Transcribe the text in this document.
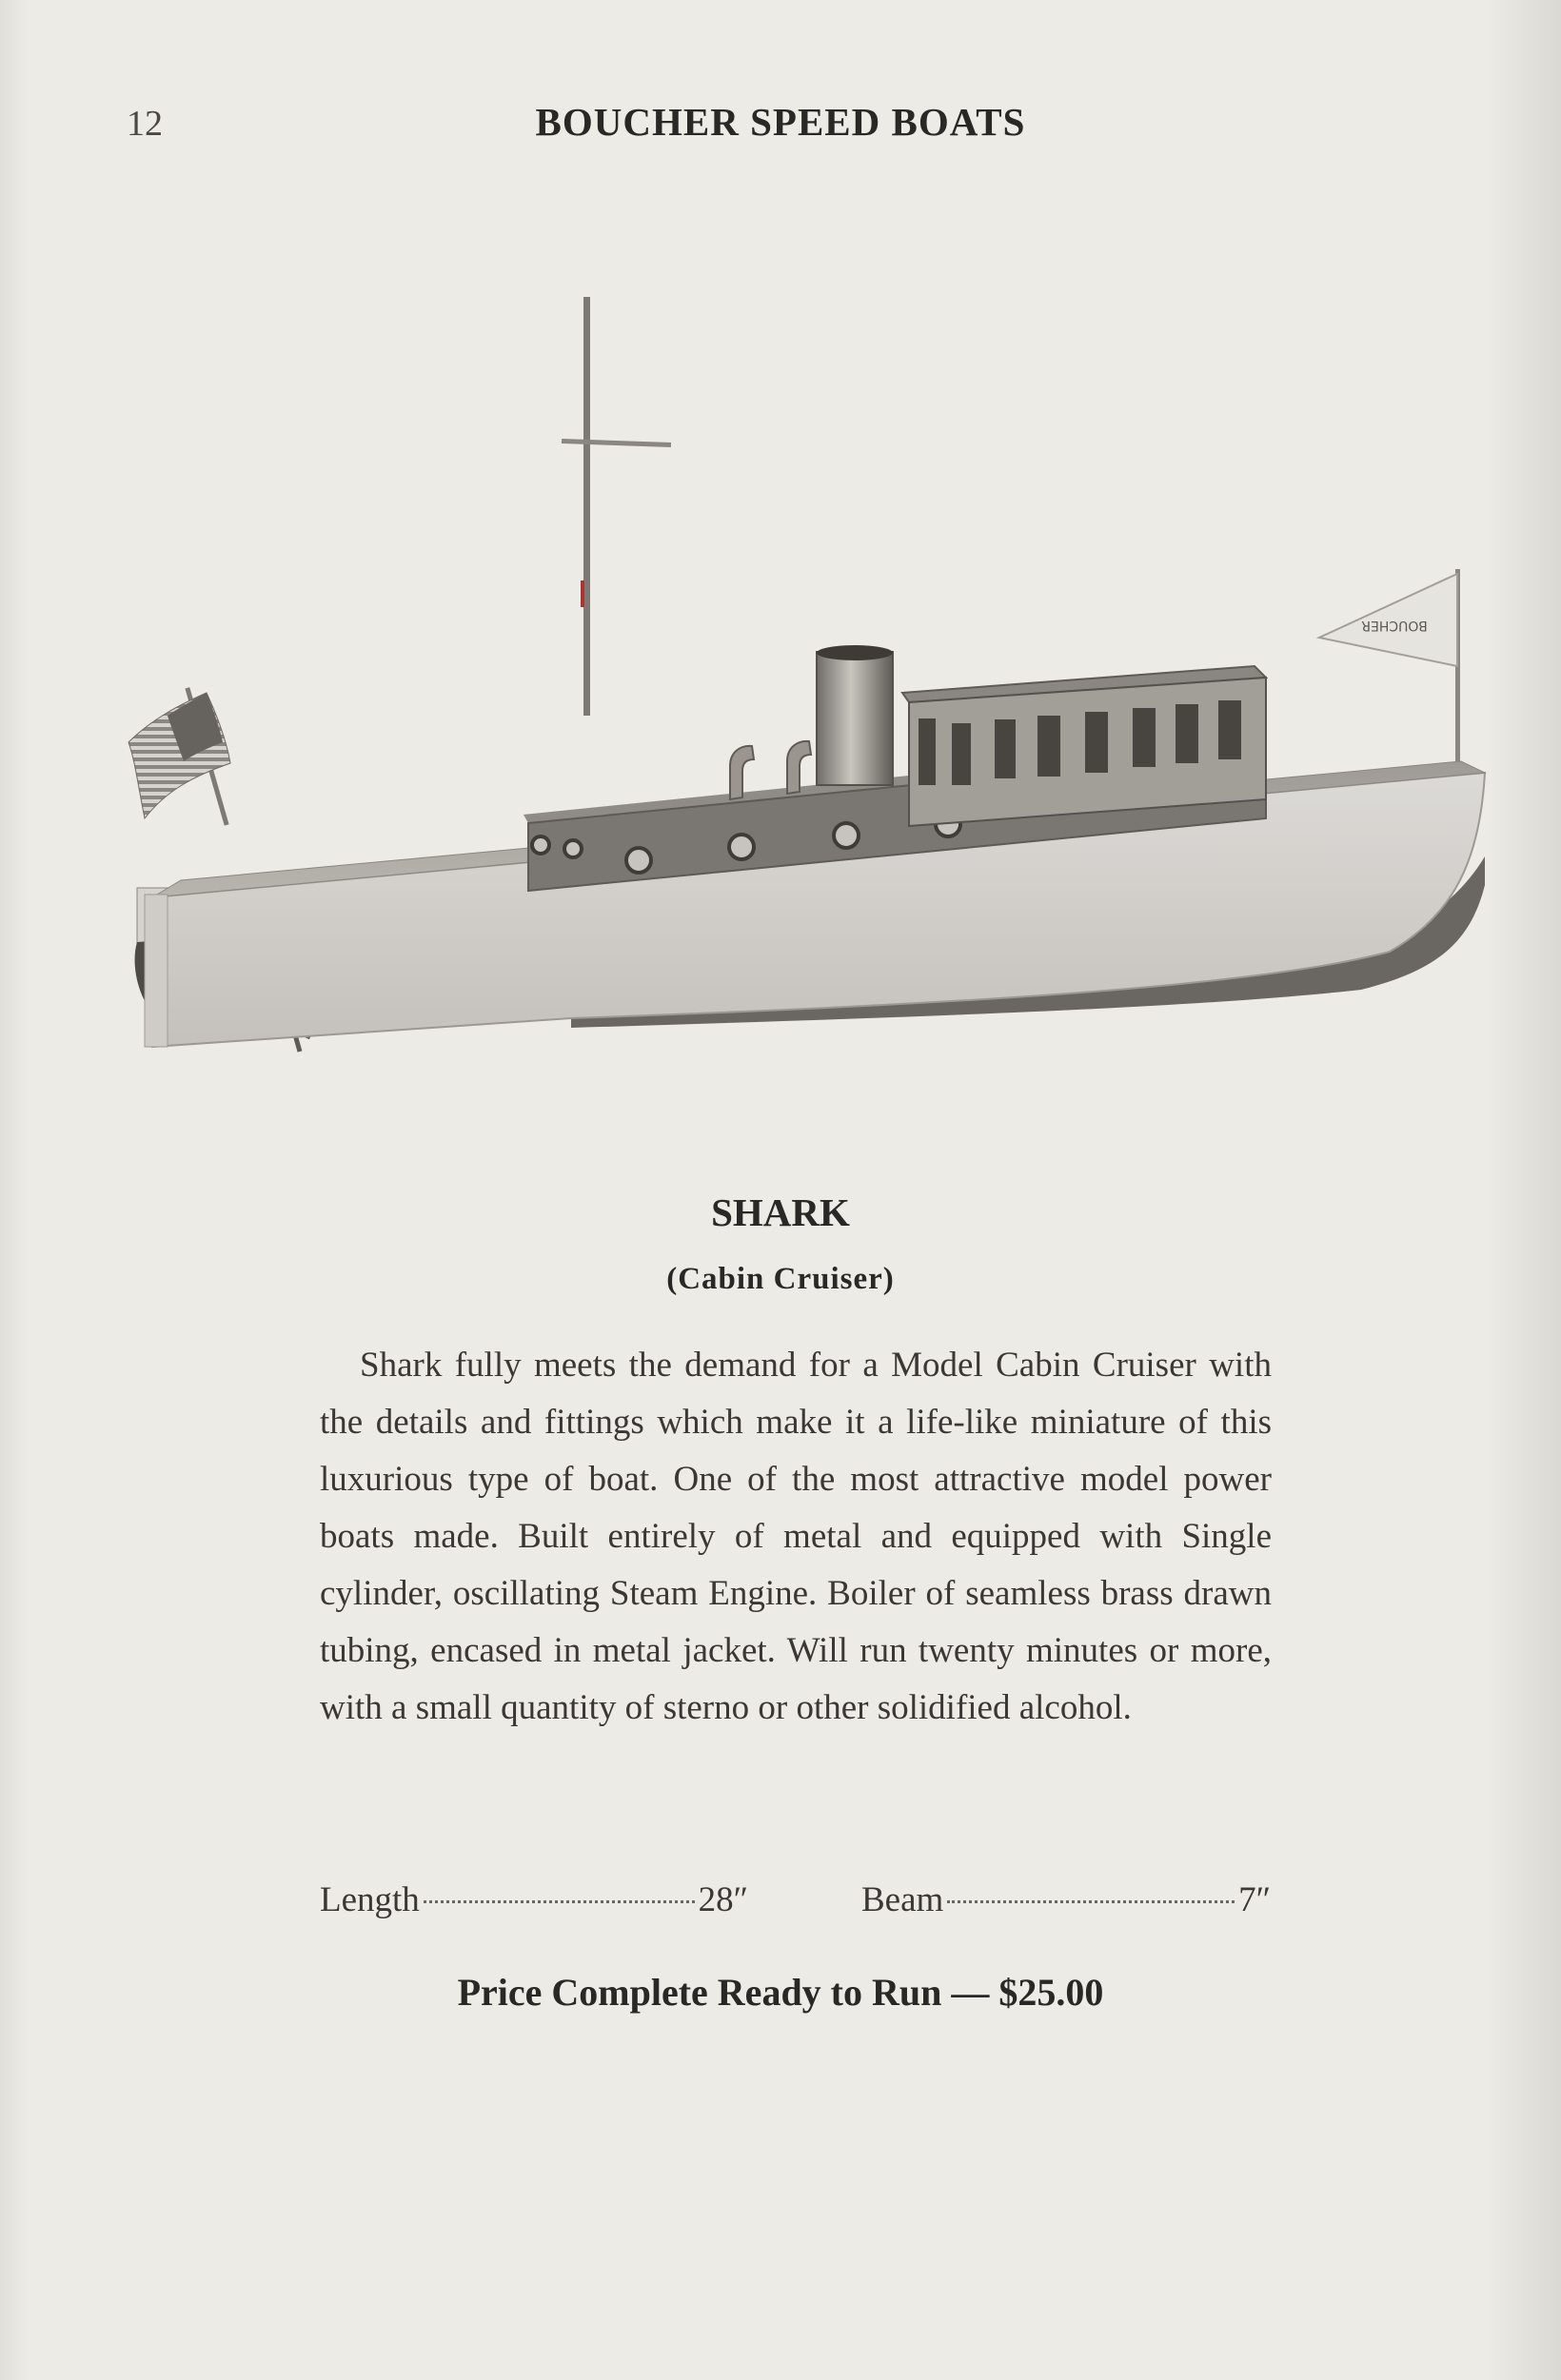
12	BOUCHER SPEED BOATS
BOUCHER
SHARK
(Cabin Cruiser)

Shark fully meets the demand for a Model Cabin Cruiser with the details and fittings which make it a life-like miniature of this luxurious type of boat. One of the most attractive model power boats made. Built entirely of metal and equipped with Single cylinder, oscillating Steam Engine. Boiler of seamless brass drawn tubing, encased in metal jacket. Will run twenty minutes or more, with a small quantity of sterno or other solidified alcohol.

Length	28″	Beam	7″
Price Complete Ready to Run — $25.00
